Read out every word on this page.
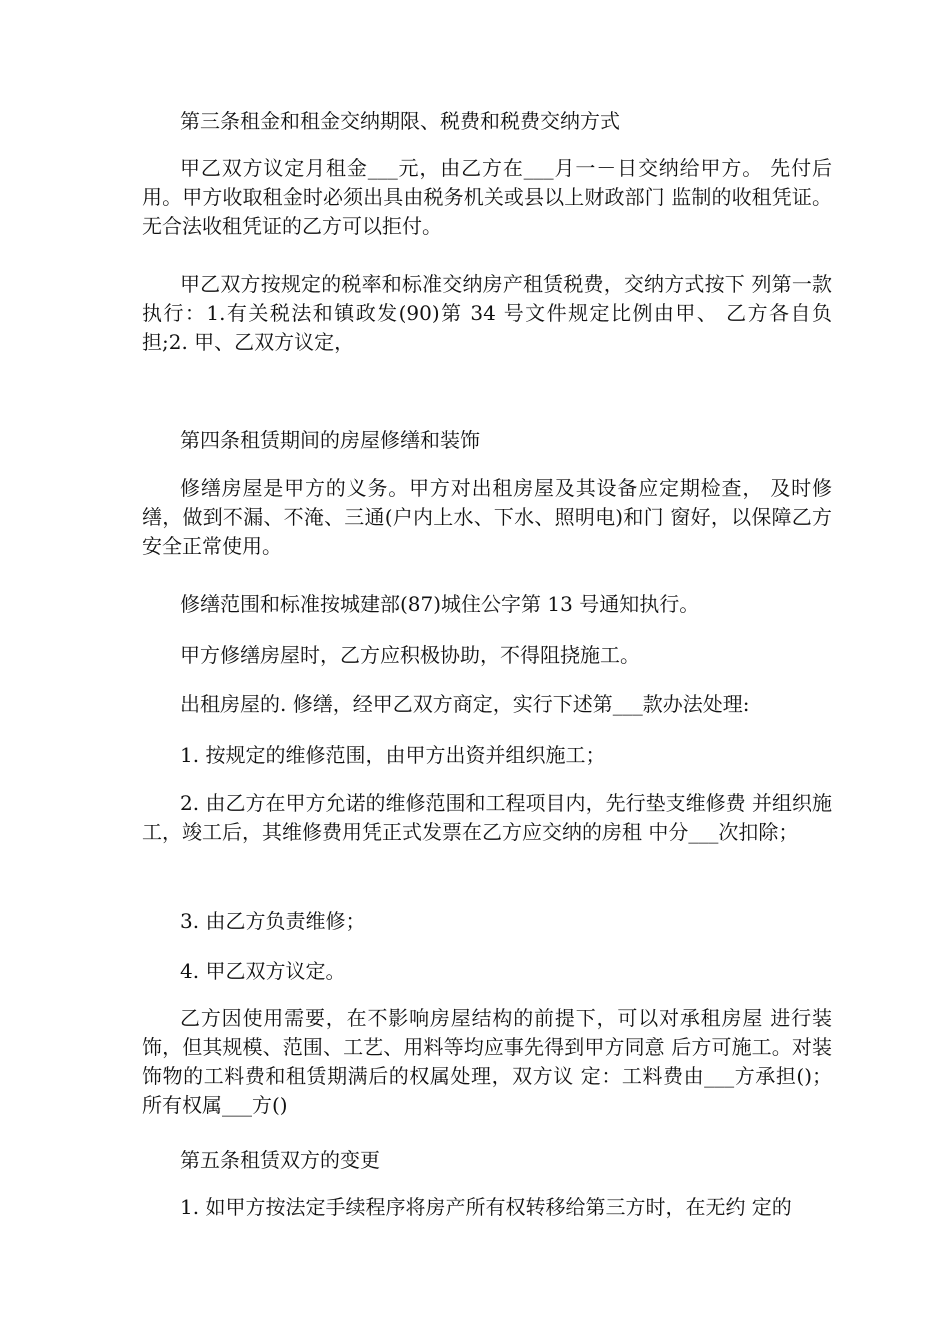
第三条租金和租金交纳期限、税费和税费交纳方式

甲乙双方议定月租金___元，由乙方在___月一－日交纳给甲方。 先付后用。甲方收取租金时必须出具由税务机关或县以上财政部门 监制的收租凭证。无合法收租凭证的乙方可以拒付。

甲乙双方按规定的税率和标准交纳房产租赁税费，交纳方式按下 列第一款执行：1.有关税法和镇政发(90)第 34 号文件规定比例由甲、 乙方各自负担;2. 甲、乙双方议定，

第四条租赁期间的房屋修缮和装饰

修缮房屋是甲方的义务。甲方对出租房屋及其设备应定期检查， 及时修缮，做到不漏、不淹、三通(户内上水、下水、照明电)和门 窗好，以保障乙方安全正常使用。

修缮范围和标准按城建部(87)城住公字第 13 号通知执行。

甲方修缮房屋时，乙方应积极协助，不得阻挠施工。

出租房屋的. 修缮，经甲乙双方商定，实行下述第___款办法处理:

1. 按规定的维修范围，由甲方出资并组织施工；

2. 由乙方在甲方允诺的维修范围和工程项目内，先行垫支维修费 并组织施工，竣工后，其维修费用凭正式发票在乙方应交纳的房租 中分___次扣除；

3. 由乙方负责维修；

4. 甲乙双方议定。

乙方因使用需要，在不影响房屋结构的前提下，可以对承租房屋 进行装饰，但其规模、范围、工艺、用料等均应事先得到甲方同意 后方可施工。对装饰物的工料费和租赁期满后的权属处理，双方议 定：工料费由___方承担()；所有权属___方()

第五条租赁双方的变更

1. 如甲方按法定手续程序将房产所有权转移给第三方时，在无约 定的
